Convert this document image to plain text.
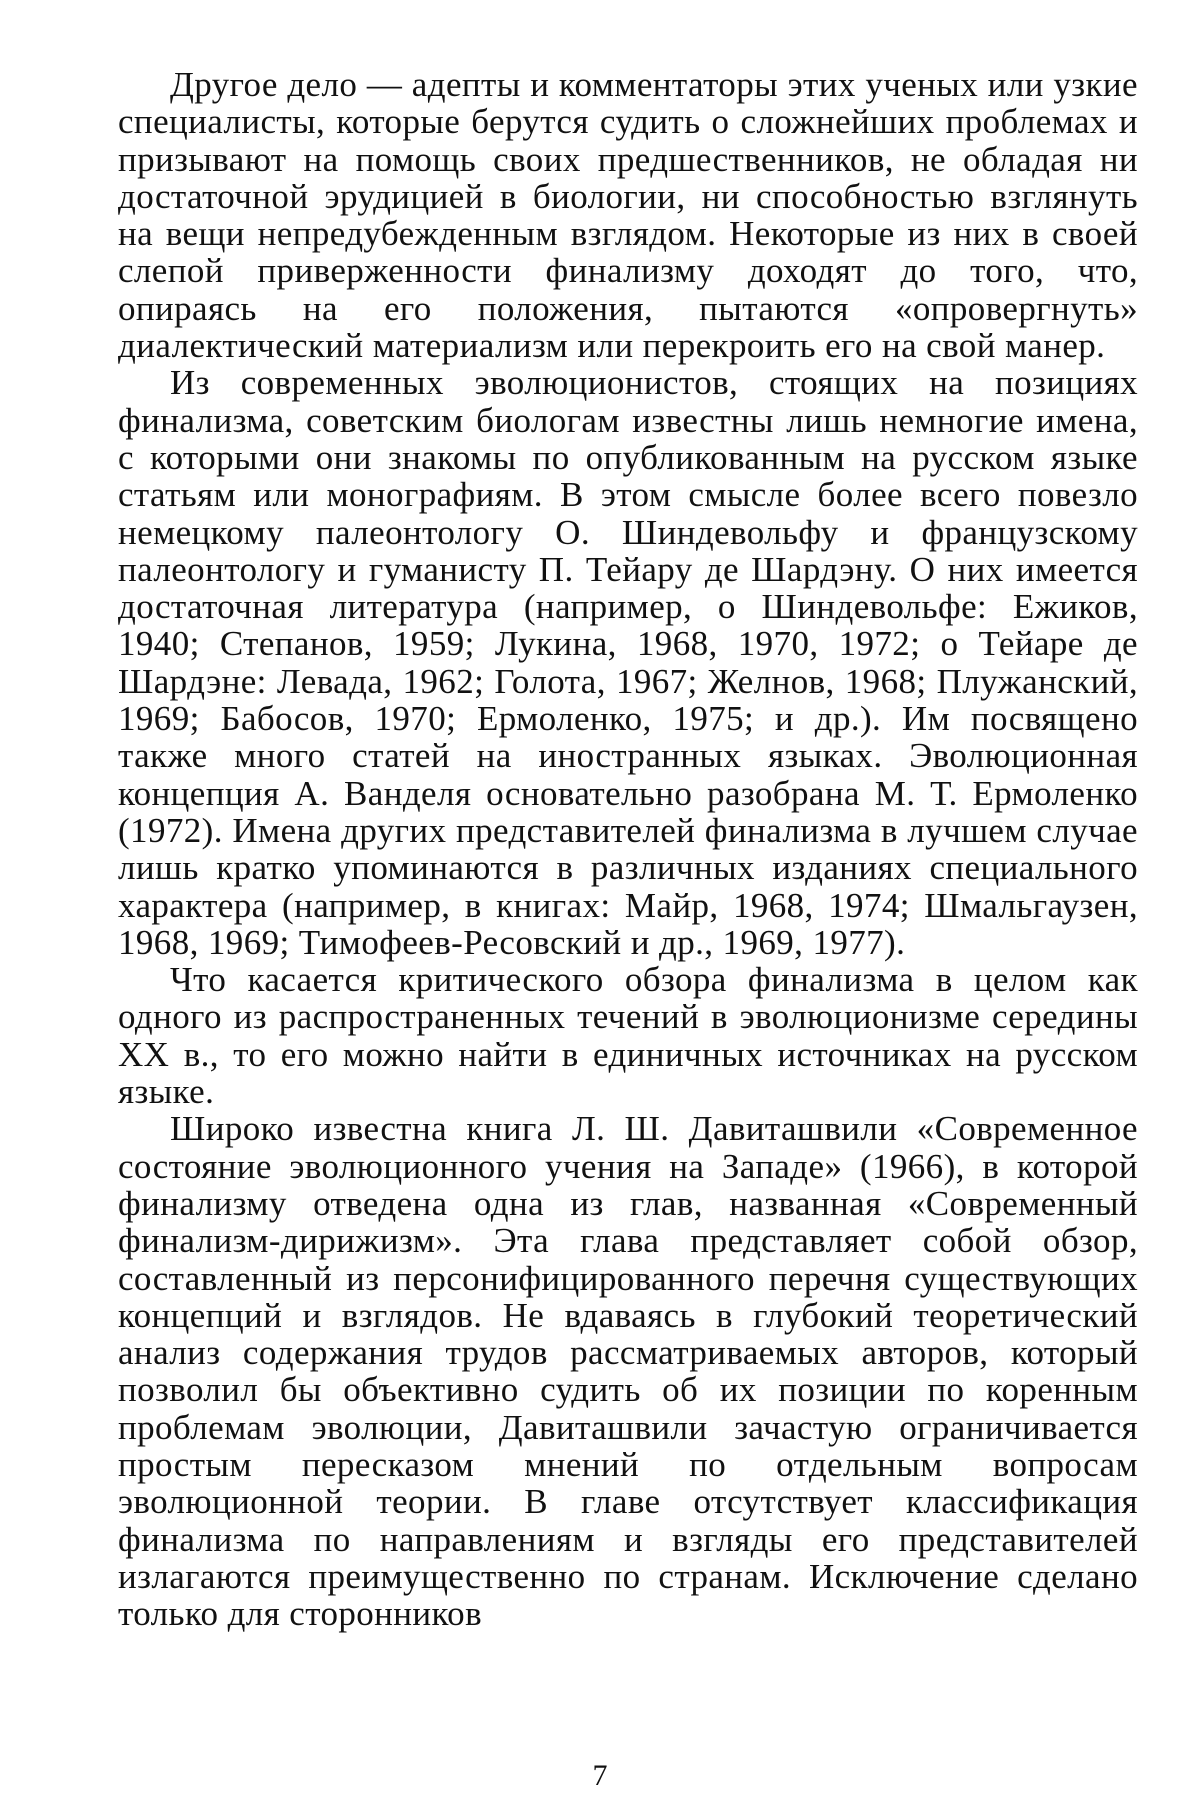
Другое дело — адепты и комментаторы этих ученых или узкие специалисты, которые берутся судить о сложнейших проблемах и призывают на помощь своих предшественников, не обладая ни достаточной эрудицией в биологии, ни способностью взглянуть на вещи непредубежденным взглядом. Некоторые из них в своей слепой приверженности финализму доходят до того, что, опираясь на его положения, пытаются «опровергнуть» диалектический материализм или перекроить его на свой манер.

Из современных эволюционистов, стоящих на позициях финализма, советским биологам известны лишь немногие имена, с которыми они знакомы по опубликованным на русском языке статьям или монографиям. В этом смысле более всего повезло немецкому палеонтологу О. Шиндевольфу и французскому палеонтологу и гуманисту П. Тейару де Шардэну. О них имеется достаточная литература (например, о Шиндевольфе: Ежиков, 1940; Степанов, 1959; Лукина, 1968, 1970, 1972; о Тейаре де Шардэне: Левада, 1962; Голота, 1967; Желнов, 1968; Плужанский, 1969; Бабосов, 1970; Ермоленко, 1975; и др.). Им посвящено также много статей на иностранных языках. Эволюционная концепция А. Ванделя основательно разобрана М. Т. Ермоленко (1972). Имена других представителей финализма в лучшем случае лишь кратко упоминаются в различных изданиях специального характера (например, в книгах: Майр, 1968, 1974; Шмальгаузен, 1968, 1969; Тимофеев-Ресовский и др., 1969, 1977).

Что касается критического обзора финализма в целом как одного из распространенных течений в эволюционизме середины XX в., то его можно найти в единичных источниках на русском языке.

Широко известна книга Л. Ш. Давиташвили «Современное состояние эволюционного учения на Западе» (1966), в которой финализму отведена одна из глав, названная «Современный финализм-дирижизм». Эта глава представляет собой обзор, составленный из персонифицированного перечня существующих концепций и взглядов. Не вдаваясь в глубокий теоретический анализ содержания трудов рассматриваемых авторов, который позволил бы объективно судить об их позиции по коренным проблемам эволюции, Давиташвили зачастую ограничивается простым пересказом мнений по отдельным вопросам эволюционной теории. В главе отсутствует классификация финализма по направлениям и взгляды его представителей излагаются преимущественно по странам. Исключение сделано только для сторонников

7
